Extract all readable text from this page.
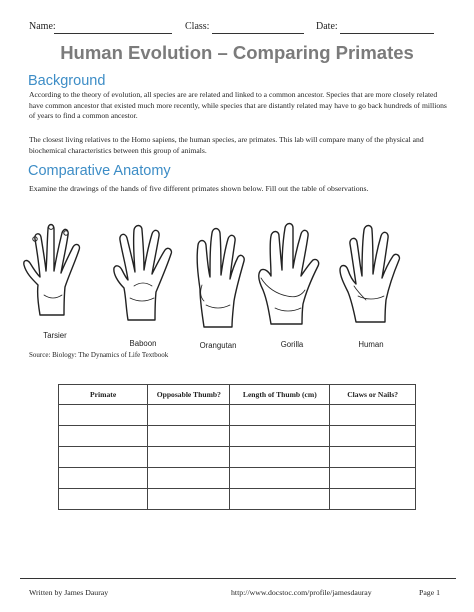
Name:	Class:	Date:
Human Evolution – Comparing Primates
Background
According to the theory of evolution, all species are are related and linked to a common ancestor. Species that are more closely related have common ancestor that existed much more recently, while species that are distantly related may have to go back hundreds of millions of years to find a common ancestor.
The closest living relatives to the Homo sapiens, the human species, are primates. This lab will compare many of the physical and biochemical characteristics between this group of animals.
Comparative Anatomy
Examine the drawings of the hands of five different primates shown below. Fill out the table of observations.
Tarsier
Baboon	Orangutan	Gorilla	Human
Source: Biology: The Dynamics of Life Textbook
Primate	Opposable Thumb?	Length of Thumb (cm)	Claws or Nails?

Written by James Dauray	http://www.docstoc.com/profile/jamesdauray	Page 1
